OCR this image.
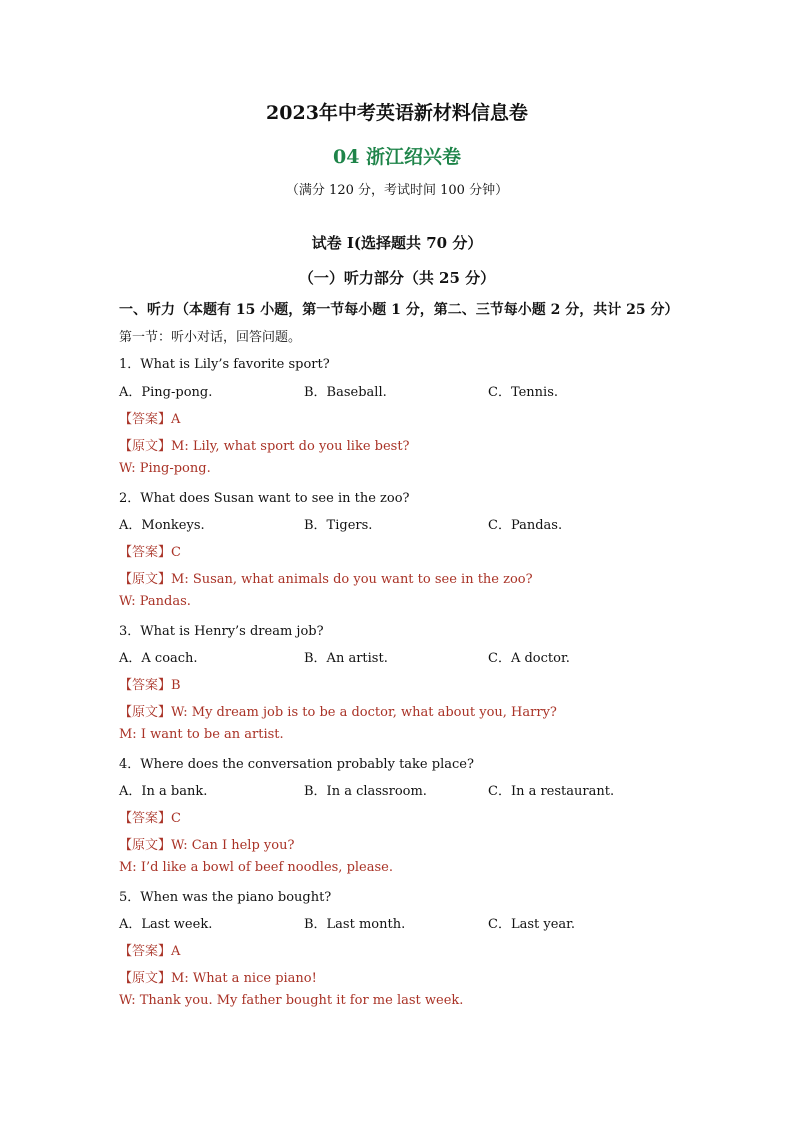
2023年中考英语新材料信息卷
04 浙江绍兴卷
（满分 120 分，考试时间 100 分钟）
试卷 I(选择题共 70 分）
（一）听力部分（共 25 分）
一、听力（本题有 15 小题，第一节每小题 1 分，第二、三节每小题 2 分，共计 25 分）
第一节：听小对话，回答问题。
1．What is Lily’s favorite sport?
A．Ping-pong.	B．Baseball.	C．Tennis.
【答案】A
【原文】M: Lily, what sport do you like best?
W: Ping-pong.
2．What does Susan want to see in the zoo?
A．Monkeys.	B．Tigers.	C．Pandas.
【答案】C
【原文】M: Susan, what animals do you want to see in the zoo?
W: Pandas.
3．What is Henry’s dream job?
A．A coach.	B．An artist.	C．A doctor.
【答案】B
【原文】W: My dream job is to be a doctor, what about you, Harry?
M: I want to be an artist.
4．Where does the conversation probably take place?
A．In a bank.	B．In a classroom.	C．In a restaurant.
【答案】C
【原文】W: Can I help you?
M: I’d like a bowl of beef noodles, please.
5．When was the piano bought?
A．Last week.	B．Last month.	C．Last year.
【答案】A
【原文】M: What a nice piano!
W: Thank you. My father bought it for me last week.
